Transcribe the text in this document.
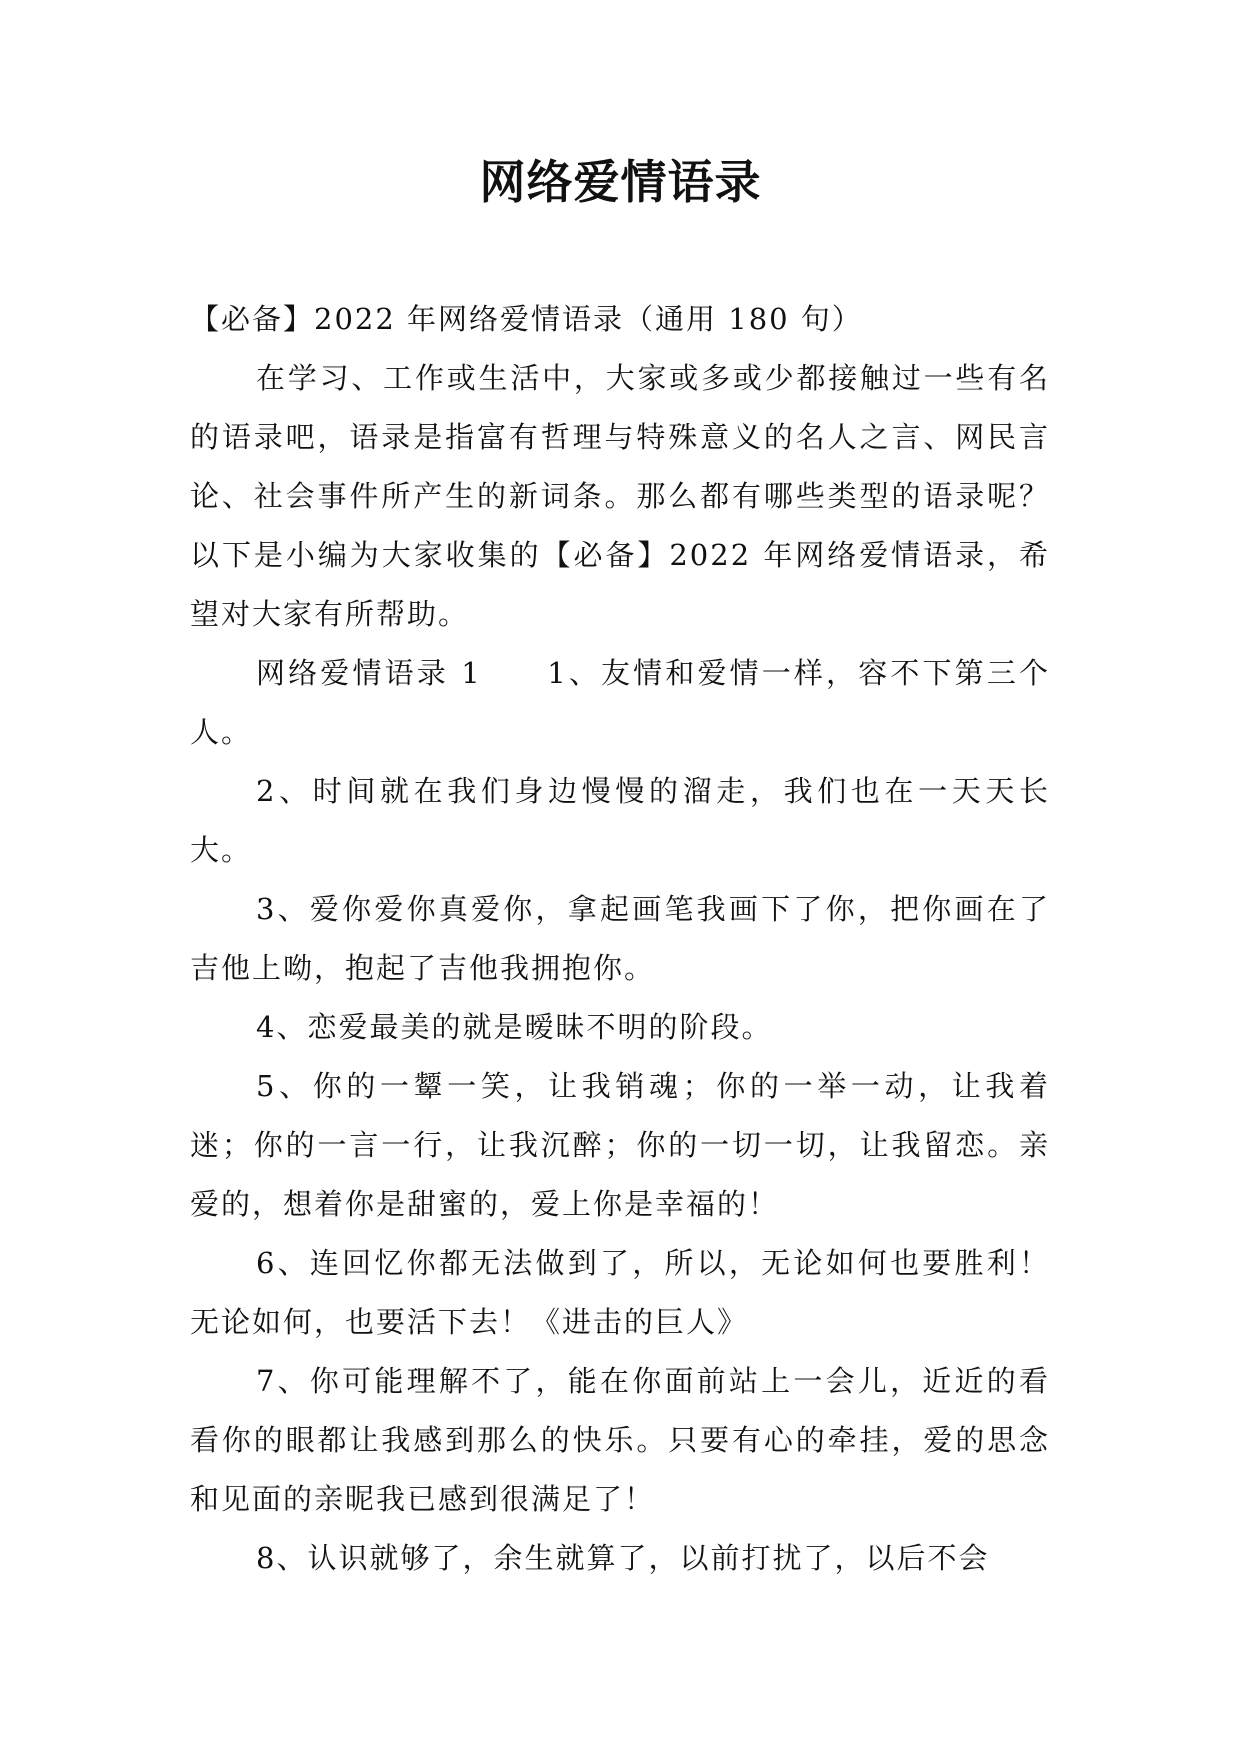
网络爱情语录

【必备】2022 年网络爱情语录（通用 180 句）

在学习、工作或生活中，大家或多或少都接触过一些有名的语录吧，语录是指富有哲理与特殊意义的名人之言、网民言论、社会事件所产生的新词条。那么都有哪些类型的语录呢？以下是小编为大家收集的【必备】2022 年网络爱情语录，希望对大家有所帮助。

网络爱情语录 1　　 1、友情和爱情一样，容不下第三个人。

2、时间就在我们身边慢慢的溜走，我们也在一天天长大。

3、爱你爱你真爱你，拿起画笔我画下了你，把你画在了吉他上呦，抱起了吉他我拥抱你。

4、恋爱最美的就是暧昧不明的阶段。

5、你的一颦一笑，让我销魂；你的一举一动，让我着迷；你的一言一行，让我沉醉；你的一切一切，让我留恋。亲爱的，想着你是甜蜜的，爱上你是幸福的！

6、连回忆你都无法做到了，所以，无论如何也要胜利！无论如何，也要活下去！《进击的巨人》

7、你可能理解不了，能在你面前站上一会儿，近近的看看你的眼都让我感到那么的快乐。只要有心的牵挂，爱的思念和见面的亲昵我已感到很满足了！

8、认识就够了，余生就算了，以前打扰了，以后不会
